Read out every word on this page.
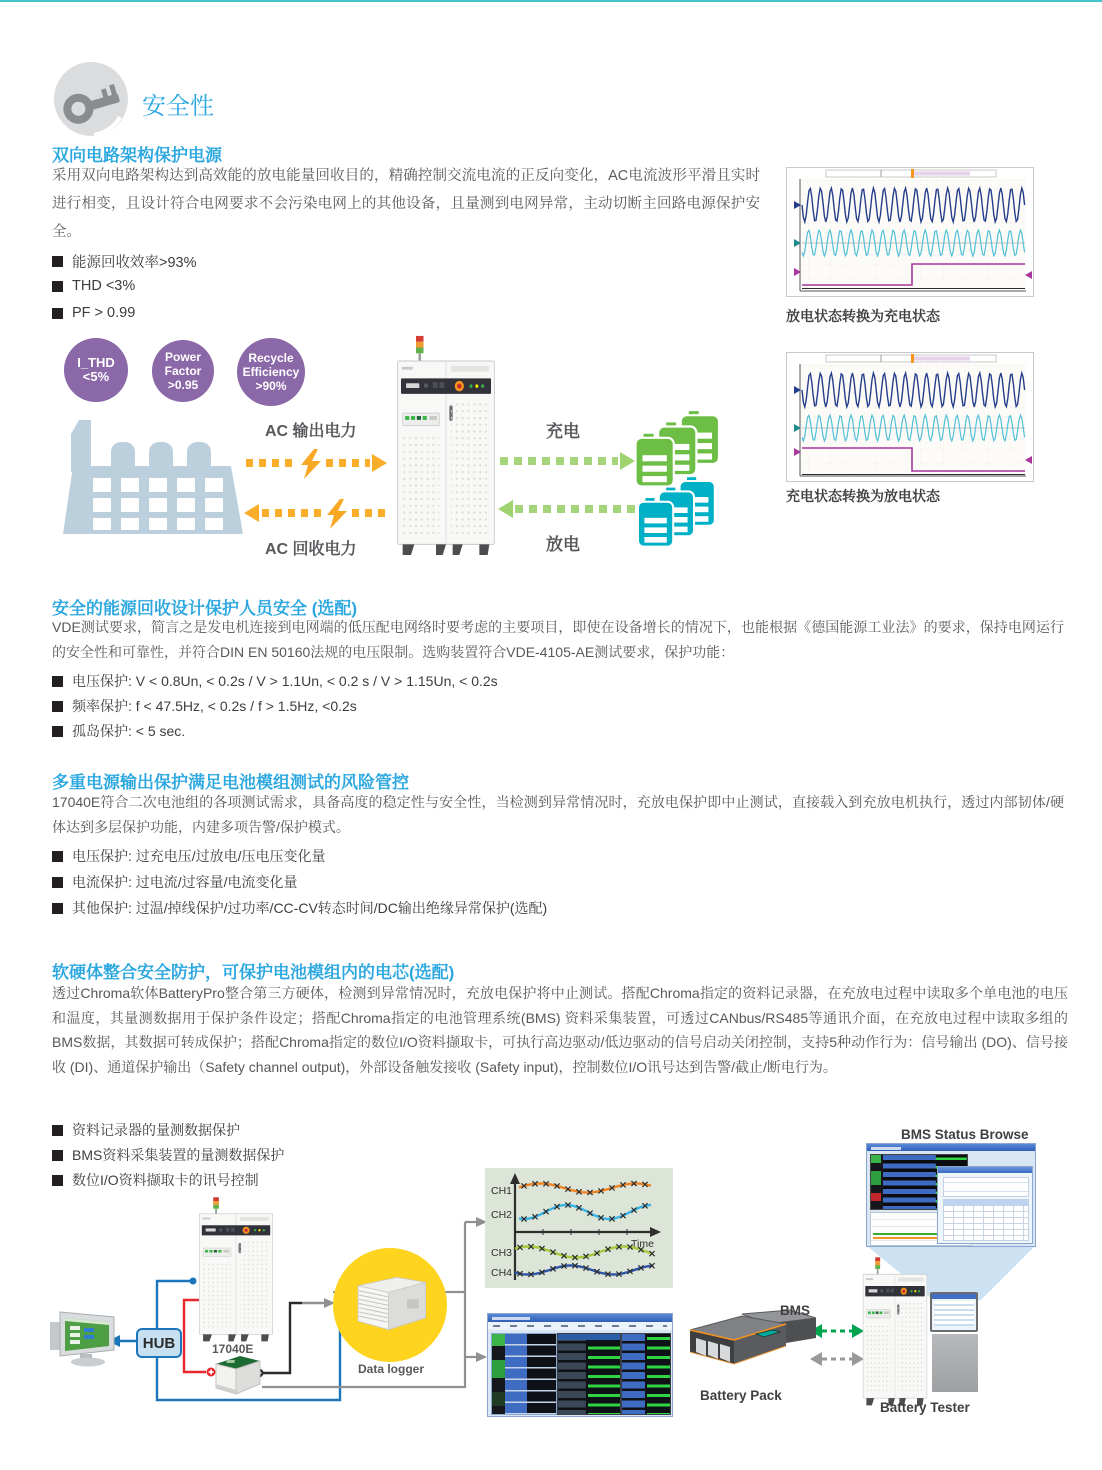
安全性
双向电路架构保护电源
采用双向电路架构达到高效能的放电能量回收目的，精确控制交流电流的正反向变化，AC电流波形平滑且实时进行相变，且设计符合电网要求不会污染电网上的其他设备，且量测到电网异常，主动切断主回路电源保护安全。
能源回收效率>93%
THD <3%
PF > 0.99	放电状态转换为充电状态
充电状态转换为放电状态
I_THD
<5%
Power
Factor
>0.95
Recycle
Efficiency
>90%
AC 输出电力
AC 回收电力
充电
放电
安全的能源回收设计保护人员安全 (选配)
VDE测试要求，简言之是发电机连接到电网端的低压配电网络时要考虑的主要项目，即使在设备增长的情况下，也能根据《德国能源工业法》的要求，保持电网运行的安全性和可靠性，并符合DIN EN 50160法规的电压限制。选购装置符合VDE-4105-AE测试要求，保护功能：
电压保护: V < 0.8Un, < 0.2s / V > 1.1Un, < 0.2 s / V > 1.15Un, < 0.2s
频率保护: f < 47.5Hz, < 0.2s / f > 1.5Hz, <0.2s
孤岛保护: < 5 sec.
多重电源输出保护满足电池模组测试的风险管控
17040E符合二次电池组的各项测试需求，具备高度的稳定性与安全性，当检测到异常情况时，充放电保护即中止测试，直接载入到充放电机执行，透过内部韧体/硬体达到多层保护功能，内建多项告警/保护模式。
电压保护: 过充电压/过放电/压电压变化量
电流保护: 过电流/过容量/电流变化量
其他保护: 过温/掉线保护/过功率/CC-CV转态时间/DC输出绝缘异常保护(选配)
软硬体整合安全防护，可保护电池模组内的电芯(选配)
透过Chroma软体BatteryPro整合第三方硬体，检测到异常情况时，充放电保护将中止测试。搭配Chroma指定的资料记录器，在充放电过程中读取多个单电池的电压和温度，其量测数据用于保护条件设定；搭配Chroma指定的电池管理系统(BMS) 资料采集装置，可透过CANbus/RS485等通讯介面，在充放电过程中读取多组的BMS数据，其数据可转成保护；搭配Chroma指定的数位I/O资料撷取卡，可执行高边驱动/低边驱动的信号启动关闭控制，支持5种动作行为：信号输出 (DO)、信号接收 (DI)、通道保护输出（Safety channel output)，外部设备触发接收 (Safety input)，控制数位I/O讯号达到告警/截止/断电行为。
资料记录器的量测数据保护
BMS资料采集装置的量测数据保护
数位I/O资料撷取卡的讯号控制
HUB	17040E
Data logger
CH1
CH2
CH3
CH4
Time
BMS Status Browse
BMS
Battery Pack
Battery Tester
